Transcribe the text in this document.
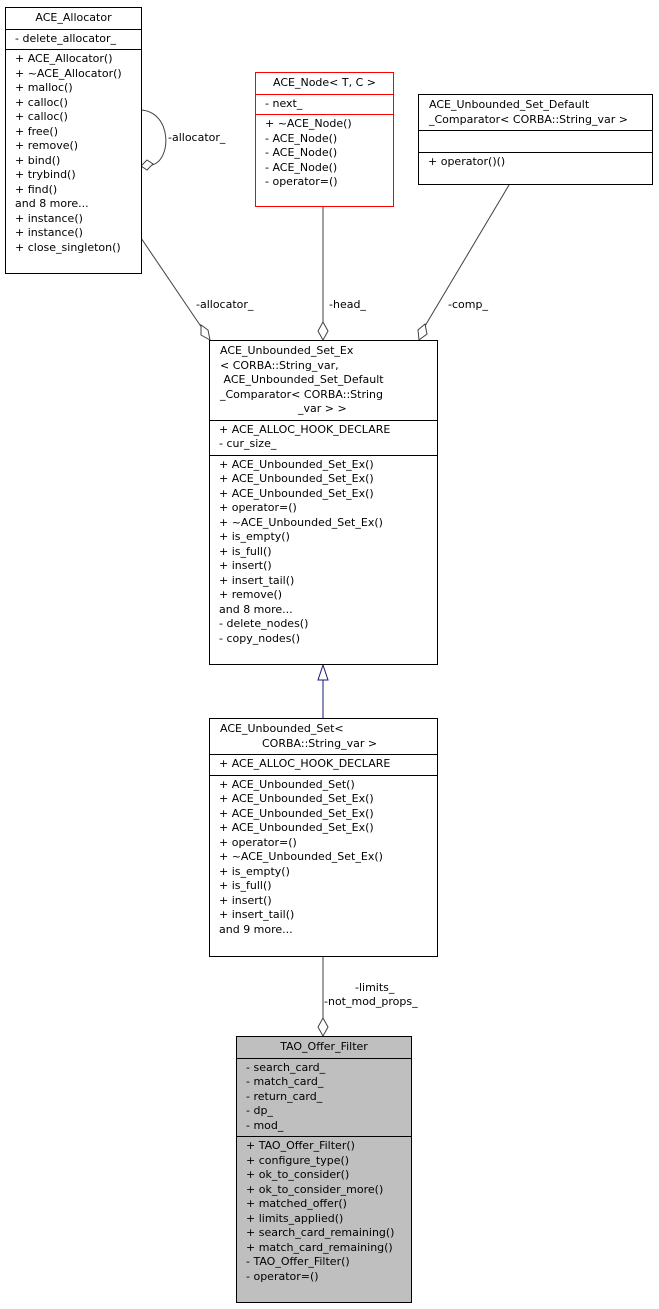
-allocator_
-allocator_	-head_	-comp_
-limits_
-not_mod_props_
ACE_Allocator
- delete_allocator_
+ ACE_Allocator()
+ ~ACE_Allocator()
+ malloc()
+ calloc()
+ calloc()
+ free()
+ remove()
+ bind()
+ trybind()
+ find()
and 8 more...
+ instance()
+ instance()
+ close_singleton()
ACE_Node< T, C >
- next_
+ ~ACE_Node()
- ACE_Node()
- ACE_Node()
- ACE_Node()
- operator=()
ACE_Unbounded_Set_Default
_Comparator< CORBA::String_var >
+ operator()()
ACE_Unbounded_Set_Ex
< CORBA::String_var,
ACE_Unbounded_Set_Default
_Comparator< CORBA::String
_var > >
+ ACE_ALLOC_HOOK_DECLARE
- cur_size_
+ ACE_Unbounded_Set_Ex()
+ ACE_Unbounded_Set_Ex()
+ ACE_Unbounded_Set_Ex()
+ operator=()
+ ~ACE_Unbounded_Set_Ex()
+ is_empty()
+ is_full()
+ insert()
+ insert_tail()
+ remove()
and 8 more...
- delete_nodes()
- copy_nodes()
ACE_Unbounded_Set<
CORBA::String_var >
+ ACE_ALLOC_HOOK_DECLARE
+ ACE_Unbounded_Set()
+ ACE_Unbounded_Set_Ex()
+ ACE_Unbounded_Set_Ex()
+ ACE_Unbounded_Set_Ex()
+ operator=()
+ ~ACE_Unbounded_Set_Ex()
+ is_empty()
+ is_full()
+ insert()
+ insert_tail()
and 9 more...
TAO_Offer_Filter
- search_card_
- match_card_
- return_card_
- dp_
- mod_
+ TAO_Offer_Filter()
+ configure_type()
+ ok_to_consider()
+ ok_to_consider_more()
+ matched_offer()
+ limits_applied()
+ search_card_remaining()
+ match_card_remaining()
- TAO_Offer_Filter()
- operator=()
